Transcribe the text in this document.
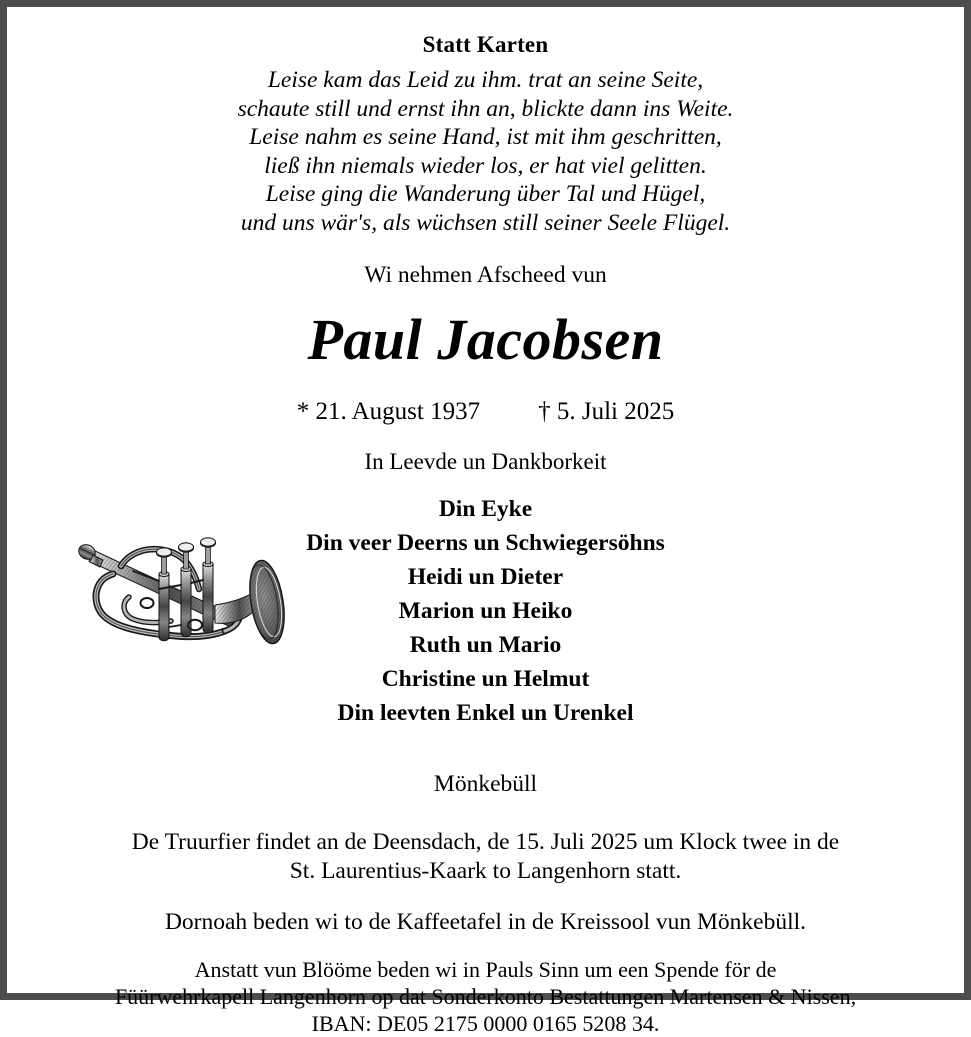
Statt Karten
Leise kam das Leid zu ihm. trat an seine Seite,
schaute still und ernst ihn an, blickte dann ins Weite.
Leise nahm es seine Hand, ist mit ihm geschritten,
ließ ihn niemals wieder los, er hat viel gelitten.
Leise ging die Wanderung über Tal und Hügel,
und uns wär's, als wüchsen still seiner Seele Flügel.
Wi nehmen Afscheed vun
Paul Jacobsen
* 21. August 1937 † 5. Juli 2025
In Leevde un Dankborkeit
Din Eyke
Din veer Deerns un Schwiegersöhns
Heidi un Dieter
Marion un Heiko
Ruth un Mario
Christine un Helmut
Din leevten Enkel un Urenkel
Mönkebüll
De Truurfier findet an de Deensdach, de 15. Juli 2025 um Klock twee in de
St. Laurentius-Kaark to Langenhorn statt.
Dornoah beden wi to de Kaffeetafel in de Kreissool vun Mönkebüll.
Anstatt vun Blööme beden wi in Pauls Sinn um een Spende för de
Füürwehrkapell Langenhorn op dat Sonderkonto Bestattungen Martensen & Nissen,
IBAN: DE05 2175 0000 0165 5208 34.
